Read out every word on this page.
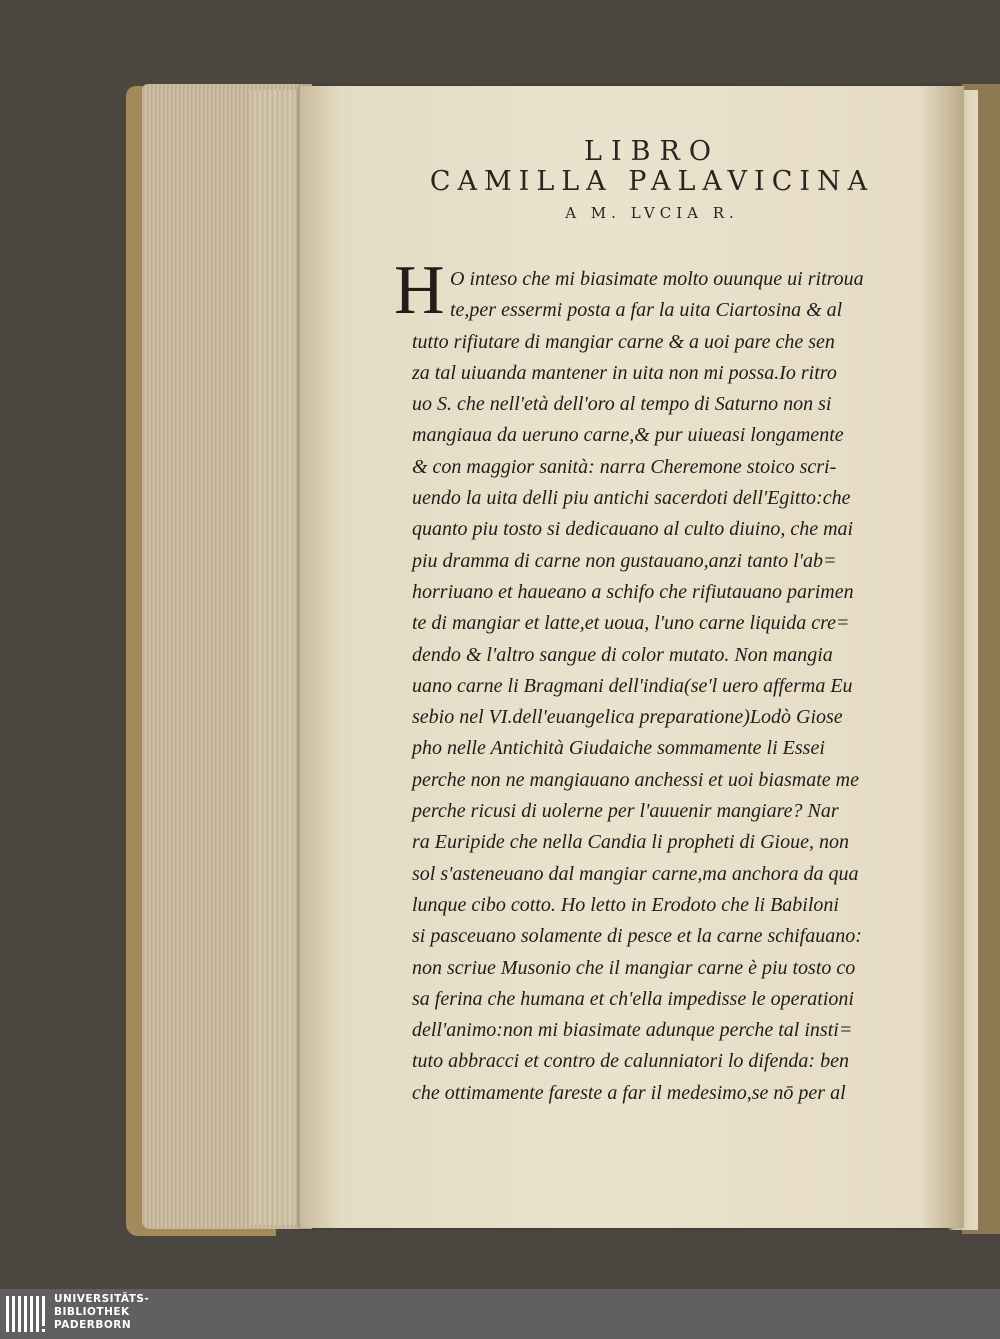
LIBRO
CAMILLA PALAVICINA
A M. LVCIA R.
H O inteso che mi biasimate molto ouunque ui ritroua
te,per essermi posta a far la uita Ciartosina & al
tutto rifiutare di mangiar carne & a uoi pare che sen
za tal uiuanda mantener in uita non mi possa.Io ritro
uo S. che nell'età dell'oro al tempo di Saturno non si
mangiaua da ueruno carne,& pur uiueasi longamente
& con maggior sanità: narra Cheremone stoico scri-
uendo la uita delli piu antichi sacerdoti dell'Egitto:che
quanto piu tosto si dedicauano al culto diuino, che mai
piu dramma di carne non gustauano,anzi tanto l'ab=
horriuano et haueano a schifo che rifiutauano parimen
te di mangiar et latte,et uoua, l'uno carne liquida cre=
dendo & l'altro sangue di color mutato. Non mangia
uano carne li Bragmani dell'india(se'l uero afferma Eu
sebio nel VI.dell'euangelica preparatione)Lodò Giose
pho nelle Antichità Giudaiche sommamente li Essei
perche non ne mangiauano anchessi et uoi biasmate me
perche ricusi di uolerne per l'auuenir mangiare? Nar
ra Euripide che nella Candia li propheti di Gioue, non
sol s'asteneuano dal mangiar carne,ma anchora da qua
lunque cibo cotto. Ho letto in Erodoto che li Babiloni
si pasceuano solamente di pesce et la carne schifauano:
non scriue Musonio che il mangiar carne è piu tosto co
sa ferina che humana et ch'ella impedisse le operationi
dell'animo:non mi biasimate adunque perche tal insti=
tuto abbracci et contro de calunniatori lo difenda: ben
che ottimamente fareste a far il medesimo,se nō per al
UNIVERSITÄTS-
BIBLIOTHEK
PADERBORN
